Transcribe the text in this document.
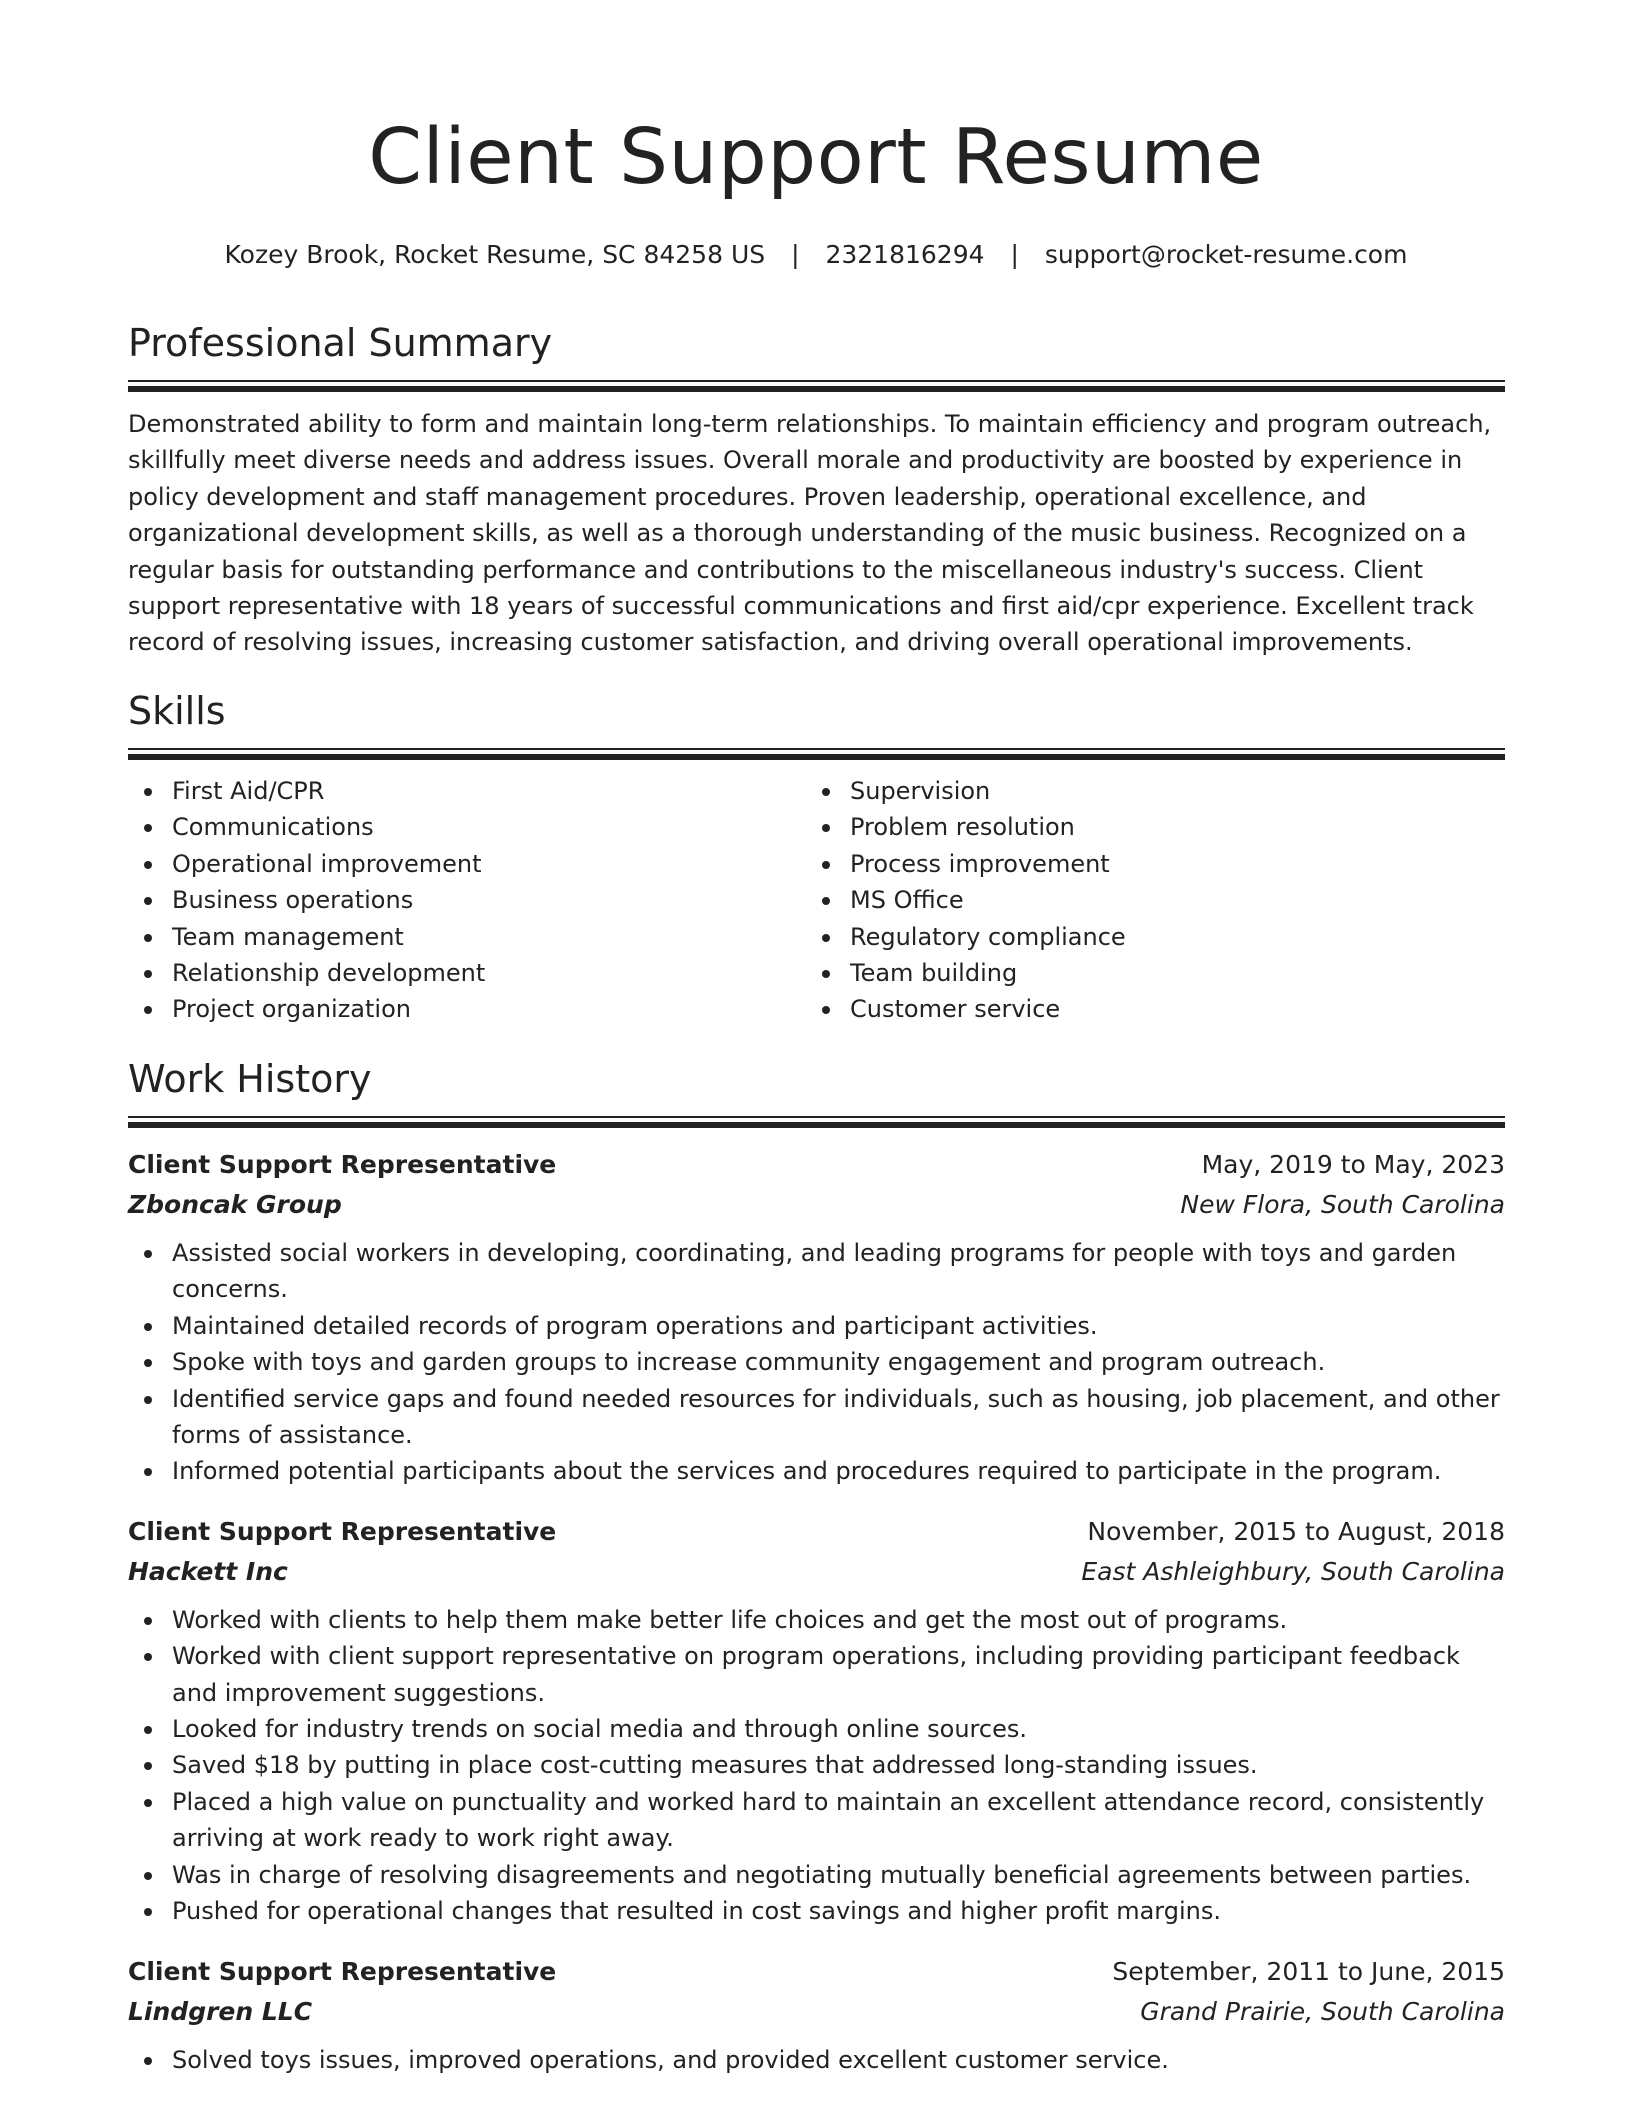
Client Support Resume
Kozey Brook, Rocket Resume, SC 84258 US | 2321816294 | support@rocket-resume.com
Professional Summary

Demonstrated ability to form and maintain long-term relationships. To maintain efficiency and program outreach, skillfully meet diverse needs and address issues. Overall morale and productivity are boosted by experience in policy development and staff management procedures. Proven leadership, operational excellence, and organizational development skills, as well as a thorough understanding of the music business. Recognized on a regular basis for outstanding performance and contributions to the miscellaneous industry's success. Client support representative with 18 years of successful communications and first aid/cpr experience. Excellent track record of resolving issues, increasing customer satisfaction, and driving overall operational improvements.

Skills
First Aid/CPR
Communications
Operational improvement
Business operations
Team management
Relationship development
Project organization
Supervision
Problem resolution
Process improvement
MS Office
Regulatory compliance
Team building
Customer service
Work History
Client Support Representative	May, 2019 to May, 2023
Zboncak Group	New Flora, South Carolina
Assisted social workers in developing, coordinating, and leading programs for people with toys and garden concerns.
Maintained detailed records of program operations and participant activities.
Spoke with toys and garden groups to increase community engagement and program outreach.
Identified service gaps and found needed resources for individuals, such as housing, job placement, and other forms of assistance.
Informed potential participants about the services and procedures required to participate in the program.
Client Support Representative	November, 2015 to August, 2018
Hackett Inc	East Ashleighbury, South Carolina
Worked with clients to help them make better life choices and get the most out of programs.
Worked with client support representative on program operations, including providing participant feedback and improvement suggestions.
Looked for industry trends on social media and through online sources.
Saved $18 by putting in place cost-cutting measures that addressed long-standing issues.
Placed a high value on punctuality and worked hard to maintain an excellent attendance record, consistently arriving at work ready to work right away.
Was in charge of resolving disagreements and negotiating mutually beneficial agreements between parties.
Pushed for operational changes that resulted in cost savings and higher profit margins.
Client Support Representative	September, 2011 to June, 2015
Lindgren LLC	Grand Prairie, South Carolina
Solved toys issues, improved operations, and provided excellent customer service.
